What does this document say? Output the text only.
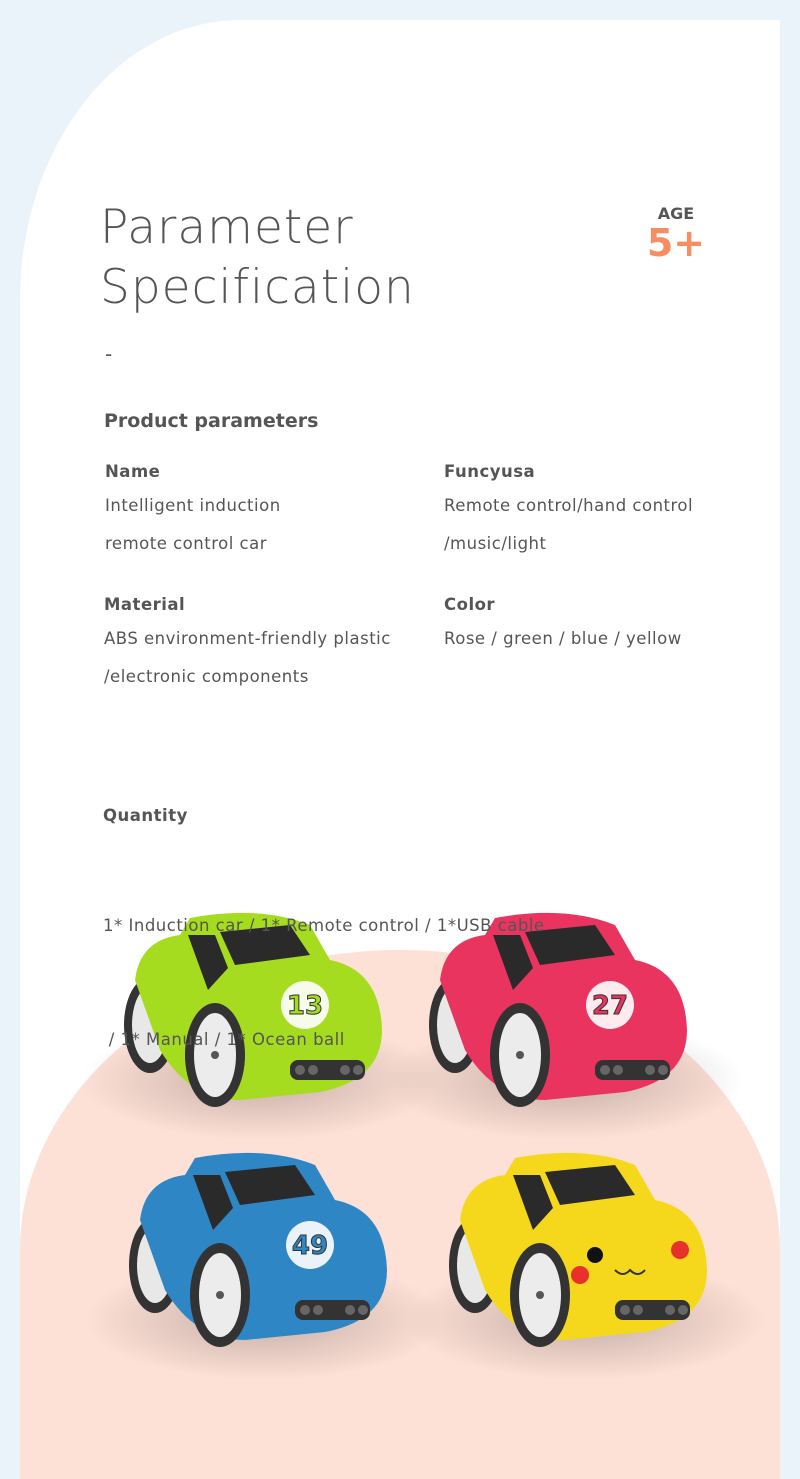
Parameter
Specification
-
AGE
5+
Product parameters
Name
Intelligent induction
remote control car
Funcyusa
Remote control/hand control
/music/light
Material
ABS environment-friendly plastic
/electronic components
Color
Rose / green / blue / yellow

Quantity

1* Induction car / 1* Remote control / 1*USB cable

/ 1* Manual / 1* Ocean ball

13	27
49
